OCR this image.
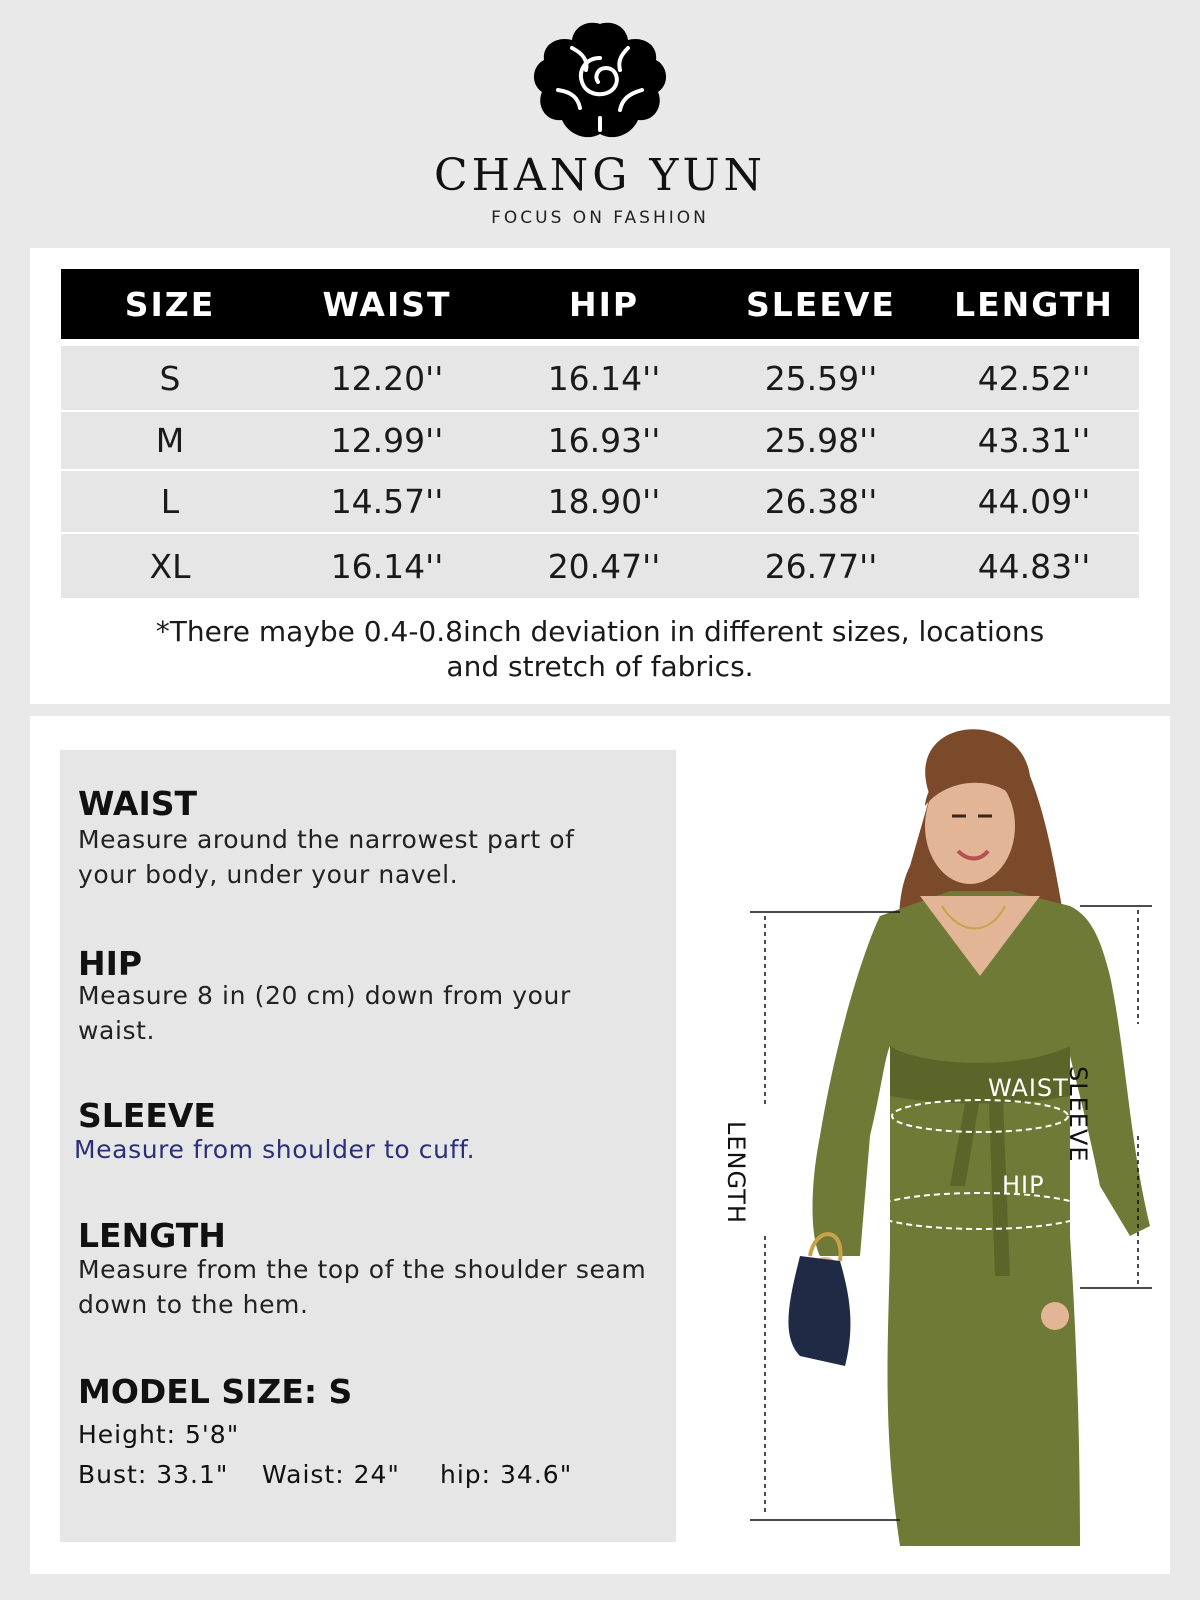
CHANG YUN
FOCUS ON FASHION
SIZE	WAIST	HIP	SLEEVE	LENGTH
S	12.20''	16.14''	25.59''	42.52''
M	12.99''	16.93''	25.98''	43.31''
L	14.57''	18.90''	26.38''	44.09''
XL	16.14''	20.47''	26.77''	44.83''
*There maybe 0.4-0.8inch deviation in different sizes, locations
and stretch of fabrics.
WAIST
Measure around the narrowest part of
your body, under your navel.
HIP
Measure 8 in (20 cm) down from your
waist.
SLEEVE
Measure from shoulder to cuff.
LENGTH
Measure from the top of the shoulder seam
down to the hem.
MODEL SIZE: S
Height: 5'8"
Bust: 33.1" Waist: 24" hip: 34.6"
WAIST
HIP
SLEEVE
LENGTH
